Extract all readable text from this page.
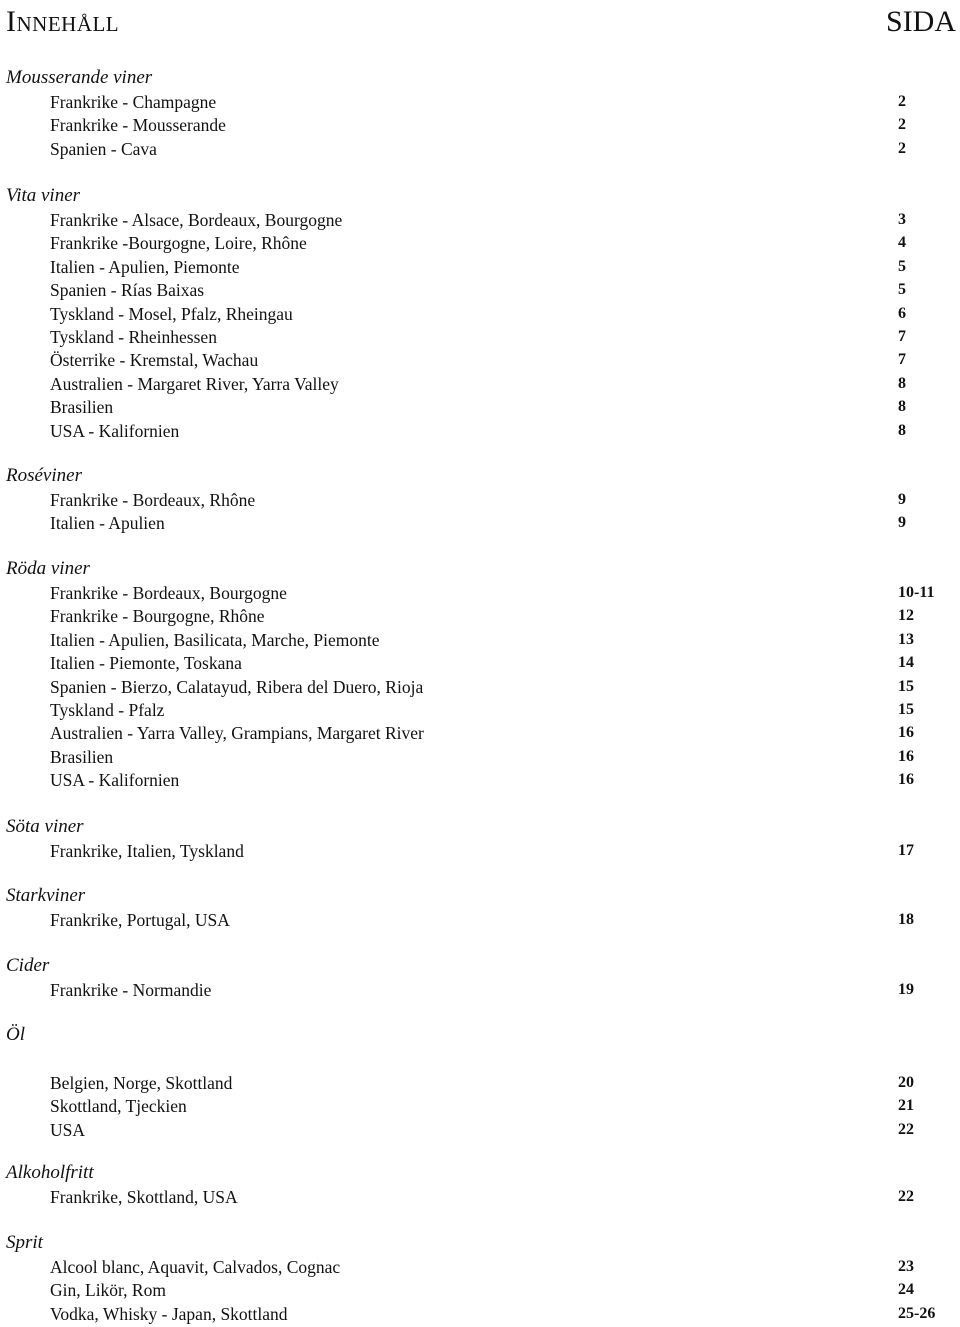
Innehåll	SIDA
Mousserande viner
Frankrike - Champagne	2
Frankrike - Mousserande	2
Spanien - Cava	2
Vita viner
Frankrike - Alsace, Bordeaux, Bourgogne	3
Frankrike -Bourgogne, Loire, Rhône	4
Italien - Apulien, Piemonte	5
Spanien - Rías Baixas	5
Tyskland - Mosel, Pfalz, Rheingau	6
Tyskland - Rheinhessen	7
Österrike - Kremstal, Wachau	7
Australien - Margaret River, Yarra Valley	8
Brasilien	8
USA - Kalifornien	8
Roséviner
Frankrike - Bordeaux, Rhône	9
Italien - Apulien	9
Röda viner
Frankrike - Bordeaux, Bourgogne	10-11
Frankrike - Bourgogne, Rhône	12
Italien - Apulien, Basilicata, Marche, Piemonte	13
Italien - Piemonte, Toskana	14
Spanien - Bierzo, Calatayud, Ribera del Duero, Rioja	15
Tyskland - Pfalz	15
Australien - Yarra Valley, Grampians, Margaret River	16
Brasilien	16
USA - Kalifornien	16
Söta viner
Frankrike, Italien, Tyskland	17
Starkviner
Frankrike, Portugal, USA	18
Cider
Frankrike - Normandie	19
Öl
Belgien, Norge, Skottland	20
Skottland, Tjeckien	21
USA	22
Alkoholfritt
Frankrike, Skottland, USA	22
Sprit
Alcool blanc, Aquavit, Calvados, Cognac	23
Gin, Likör, Rom	24
Vodka, Whisky - Japan, Skottland	25-26
